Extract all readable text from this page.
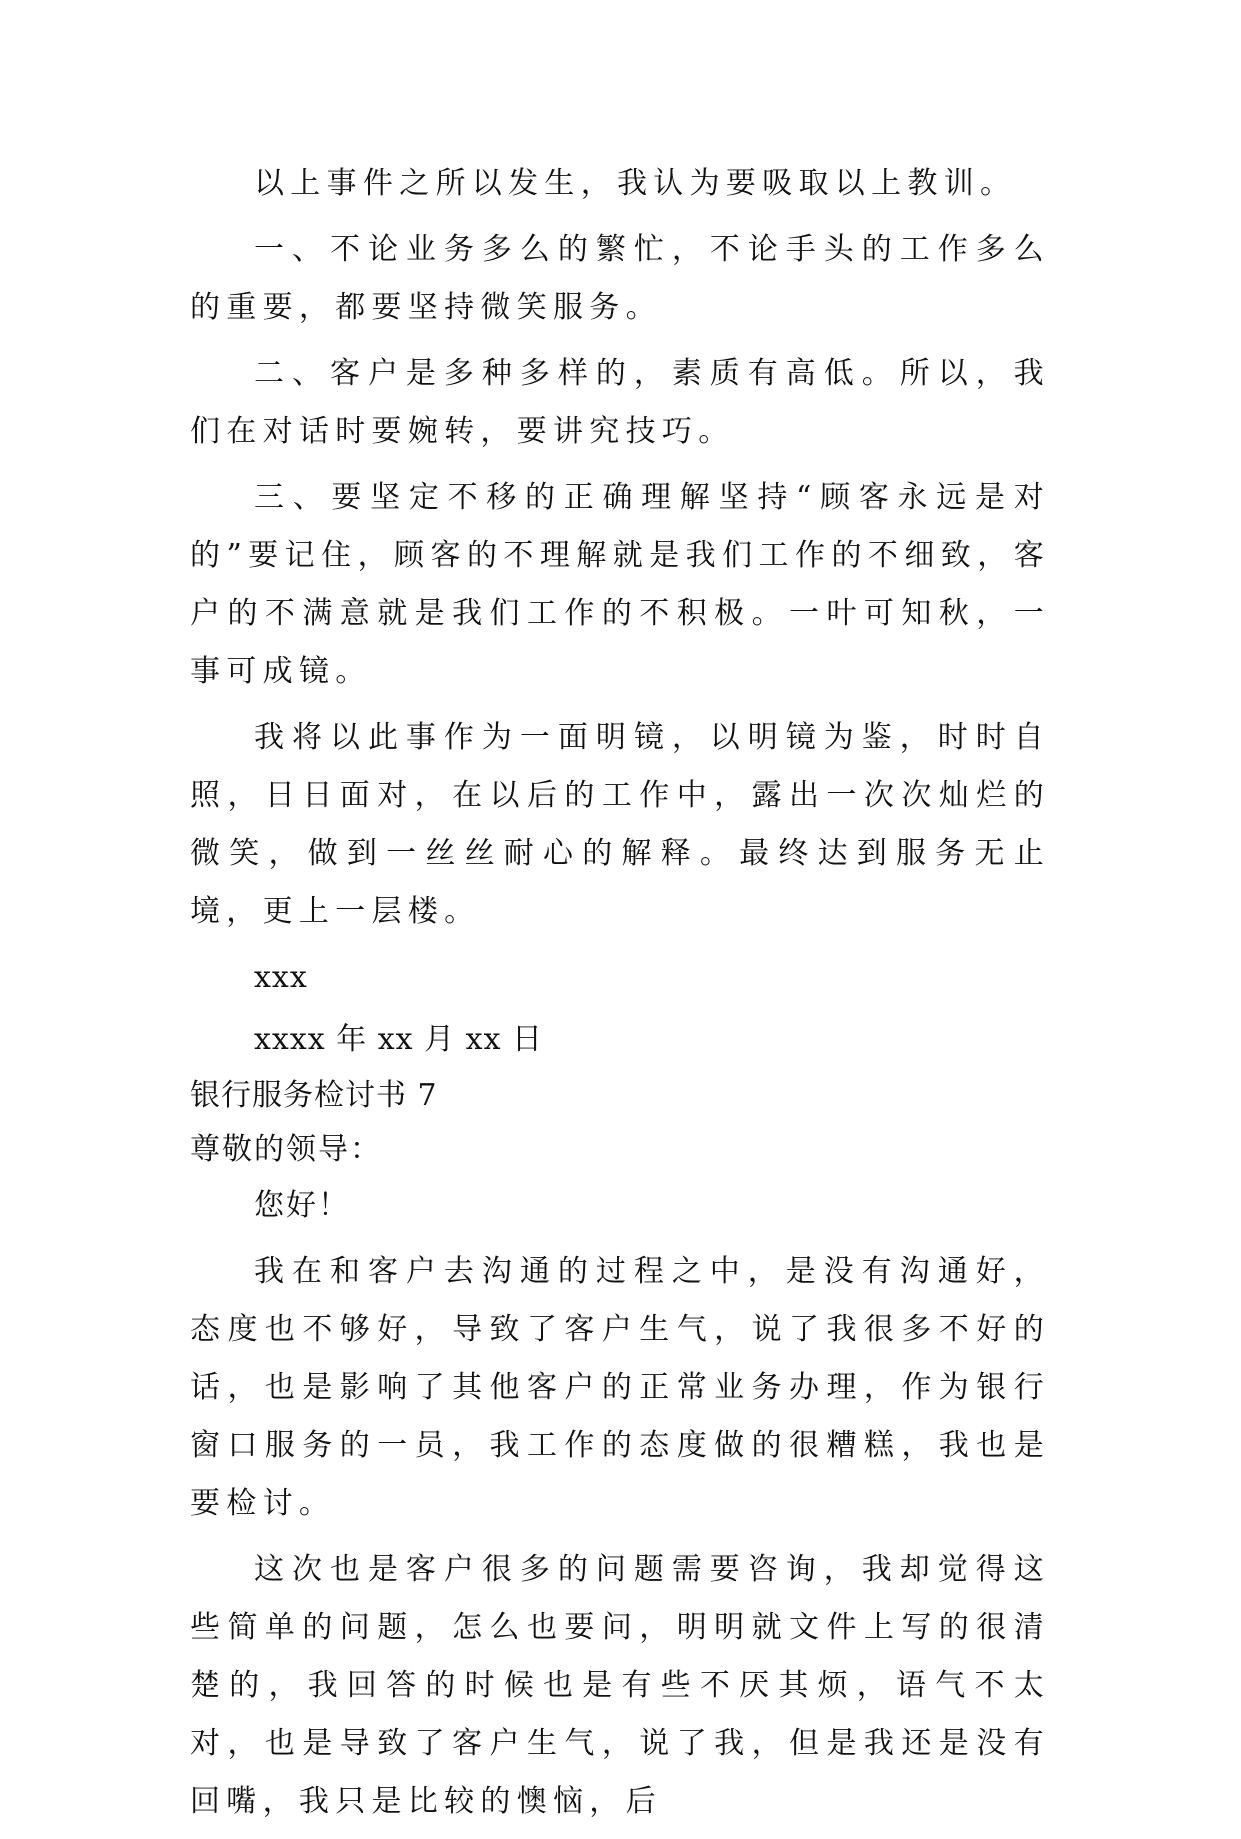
以上事件之所以发生，我认为要吸取以上教训。

一、不论业务多么的繁忙，不论手头的工作多么的重要，都要坚持微笑服务。

二、客户是多种多样的，素质有高低。所以，我们在对话时要婉转，要讲究技巧。

三、要坚定不移的正确理解坚持“顾客永远是对的”要记住，顾客的不理解就是我们工作的不细致，客户的不满意就是我们工作的不积极。一叶可知秋，一事可成镜。

我将以此事作为一面明镜，以明镜为鉴，时时自照，日日面对，在以后的工作中，露出一次次灿烂的微笑，做到一丝丝耐心的解释。最终达到服务无止境，更上一层楼。

xxx

xxxx 年 xx 月 xx 日

银行服务检讨书 7

尊敬的领导：

您好！

我在和客户去沟通的过程之中，是没有沟通好，态度也不够好，导致了客户生气，说了我很多不好的话，也是影响了其他客户的正常业务办理，作为银行窗口服务的一员，我工作的态度做的很糟糕，我也是要检讨。

这次也是客户很多的问题需要咨询，我却觉得这些简单的问题，怎么也要问，明明就文件上写的很清楚的，我回答的时候也是有些不厌其烦，语气不太对，也是导致了客户生气，说了我，但是我还是没有回嘴，我只是比较的懊恼，后
